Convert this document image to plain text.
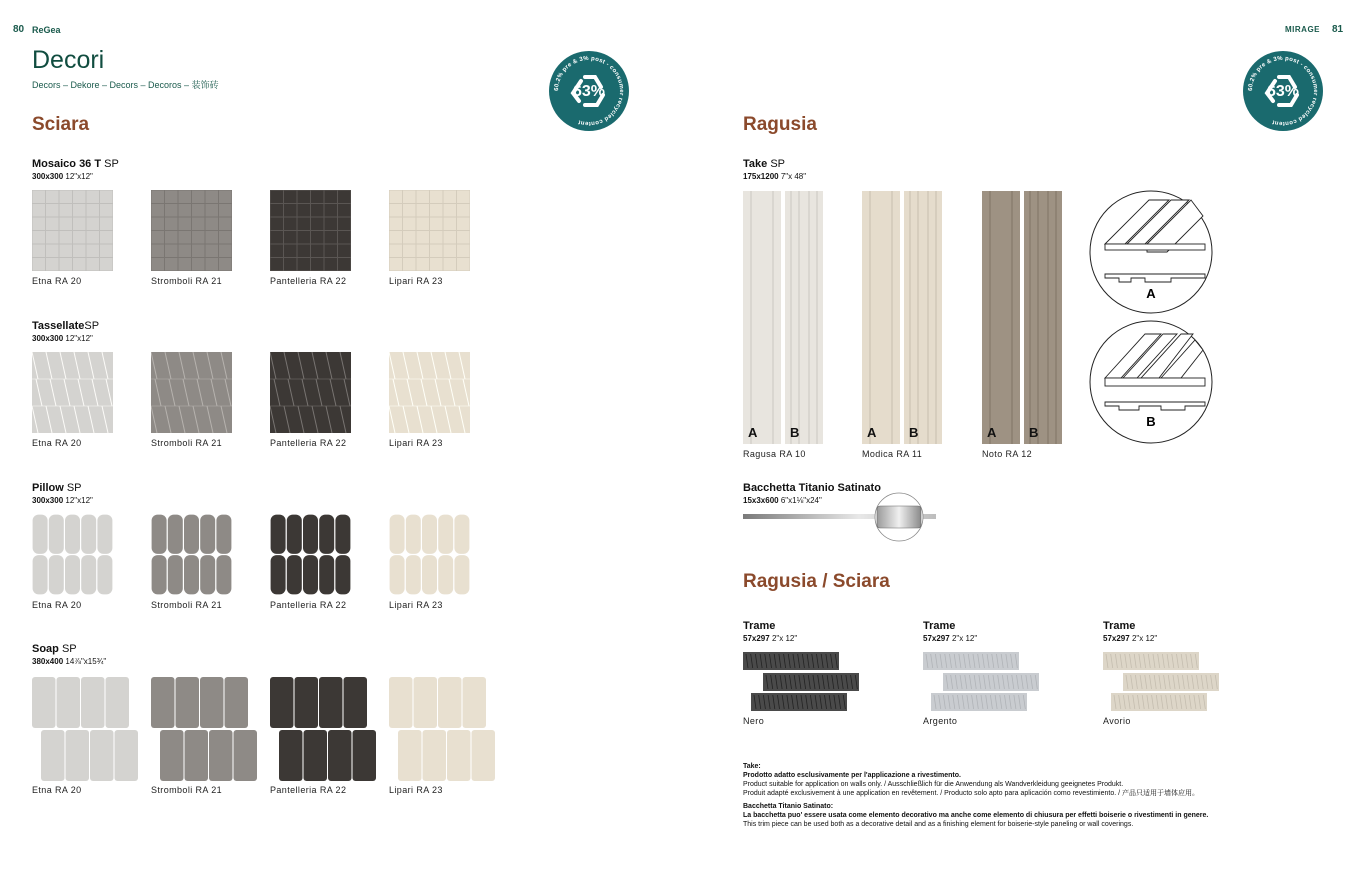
80 ReGea	MIRAGE 81
Decori
Decors – Dekore – Decors – Decoros – 装饰砖	60.2% pre & 3% post - consumer recycled content
63%	60.2% pre & 3% post - consumer recycled content
63%
Sciara
Mosaico 36 T SP
300x300 12"x12"
TassellateSP
300x300 12"x12"
Pillow SP
300x300 12"x12"
Soap SP
380x400 14⅞"x15¾"
Etna RA 20	Stromboli RA 21	Pantelleria RA 22	Lipari RA 23
Etna RA 20	Stromboli RA 21	Pantelleria RA 22	Lipari RA 23
Etna RA 20	Stromboli RA 21	Pantelleria RA 22	Lipari RA 23
Etna RA 20	Stromboli RA 21	Pantelleria RA 22	Lipari RA 23
Ragusia
Take SP
175x1200 7"x 48"
Ragusa RA 10	Modica RA 11	Noto RA 12
A
B
Bacchetta Titanio Satinato
15x3x600 6"x1⅛"x24"
Ragusia / Sciara
Trame
57x297 2"x 12"
Trame
57x297 2"x 12"
Trame
57x297 2"x 12"
Nero	Argento	Avorio
Take:
Prodotto adatto esclusivamente per l'applicazione a rivestimento.
Product suitable for application on walls only. / Ausschließlich für die Anwendung als Wandverkleidung geeignetes Produkt.
Produit adapté exclusivement à une application en revêtement. / Producto solo apto para aplicación como revestimiento. / 产品只适用于墙体应用。
Bacchetta Titanio Satinato:
La bacchetta puo' essere usata come elemento decorativo ma anche come elemento di chiusura per effetti boiserie o rivestimenti in genere.
This trim piece can be used both as a decorative detail and as a finishing element for boiserie-style paneling or wall coverings.
A	B	A	B	A	B
